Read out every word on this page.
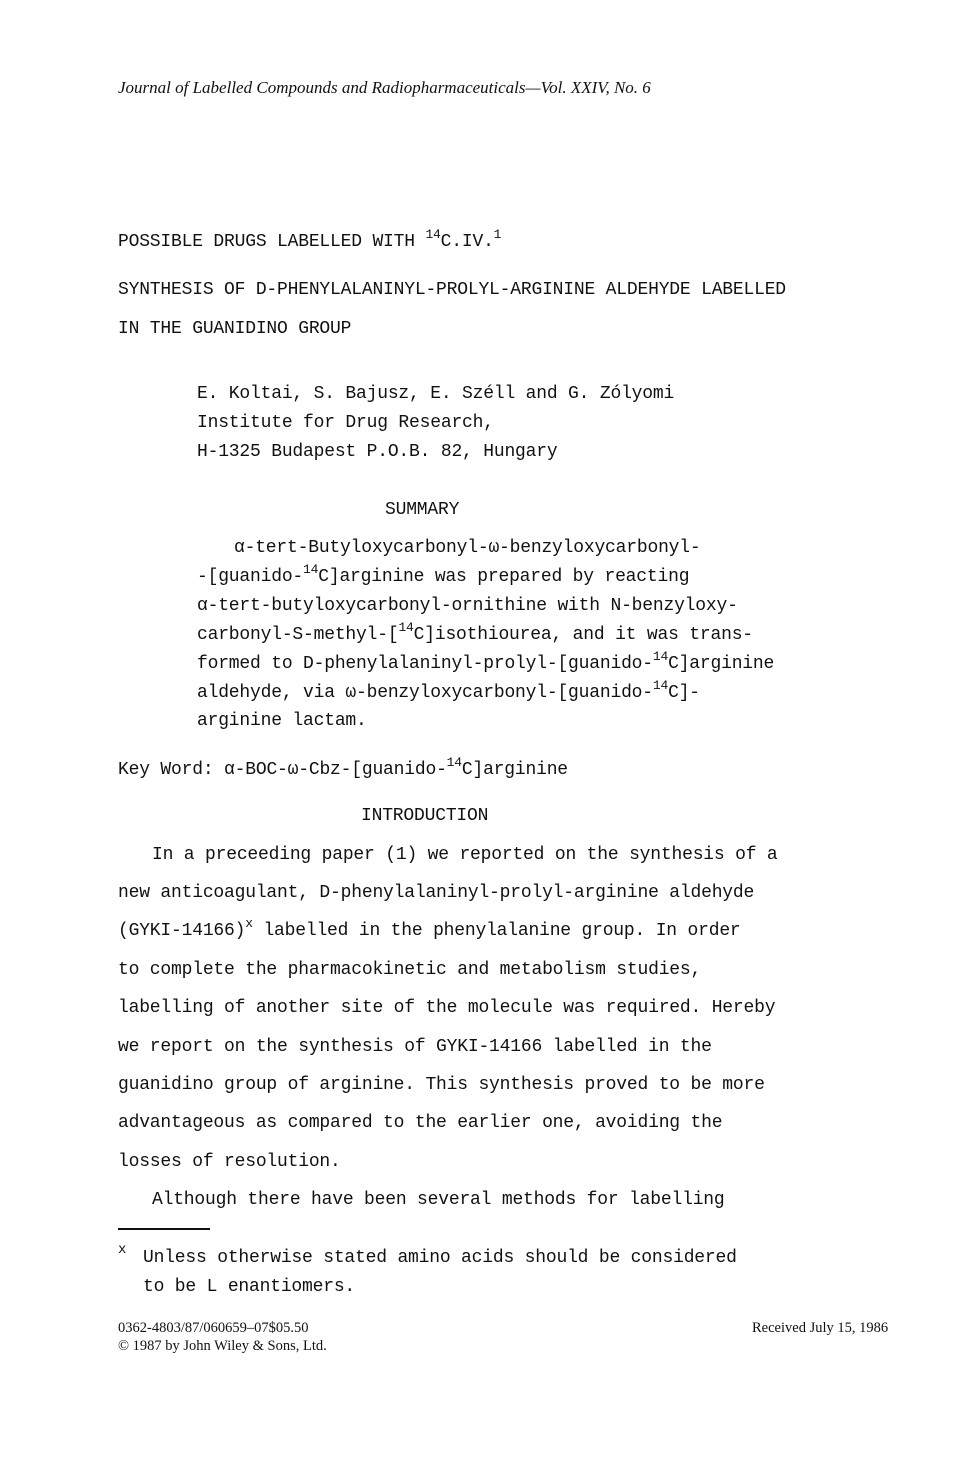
Journal of Labelled Compounds and Radiopharmaceuticals—Vol. XXIV, No. 6
POSSIBLE DRUGS LABELLED WITH $^{14}$C.IV.$^1$
SYNTHESIS OF D-PHENYLALANINYL-PROLYL-ARGININE ALDEHYDE LABELLED
IN THE GUANIDINO GROUP
E. Koltai, S. Bajusz, E. Széll and G. Zólyomi
Institute for Drug Research,
H-1325 Budapest P.O.B. 82, Hungary
SUMMARY
α-tert-Butyloxycarbonyl-ω-benzyloxycarbonyl-
-[guanido-$^{14}$C]arginine was prepared by reacting
α-tert-butyloxycarbonyl-ornithine with N-benzyloxy-
carbonyl-S-methyl-[$^{14}$C]isothiourea, and it was trans-
formed to D-phenylalaninyl-prolyl-[guanido-$^{14}$C]arginine
aldehyde, via ω-benzyloxycarbonyl-[guanido-$^{14}$C]-
arginine lactam.
Key Word: α-BOC-ω-Cbz-[guanido-$^{14}$C]arginine
INTRODUCTION
In a preceeding paper (1) we reported on the synthesis of a
new anticoagulant, D-phenylalaninyl-prolyl-arginine aldehyde
(GYKI-14166)$^x$ labelled in the phenylalanine group. In order
to complete the pharmacokinetic and metabolism studies,
labelling of another site of the molecule was required. Hereby
we report on the synthesis of GYKI-14166 labelled in the
guanidino group of arginine. This synthesis proved to be more
advantageous as compared to the earlier one, avoiding the
losses of resolution.
Although there have been several methods for labelling
x Unless otherwise stated amino acids should be considered
to be L enantiomers.
0362-4803/87/060659–07$05.50
© 1987 by John Wiley & Sons, Ltd.
Received July 15, 1986
